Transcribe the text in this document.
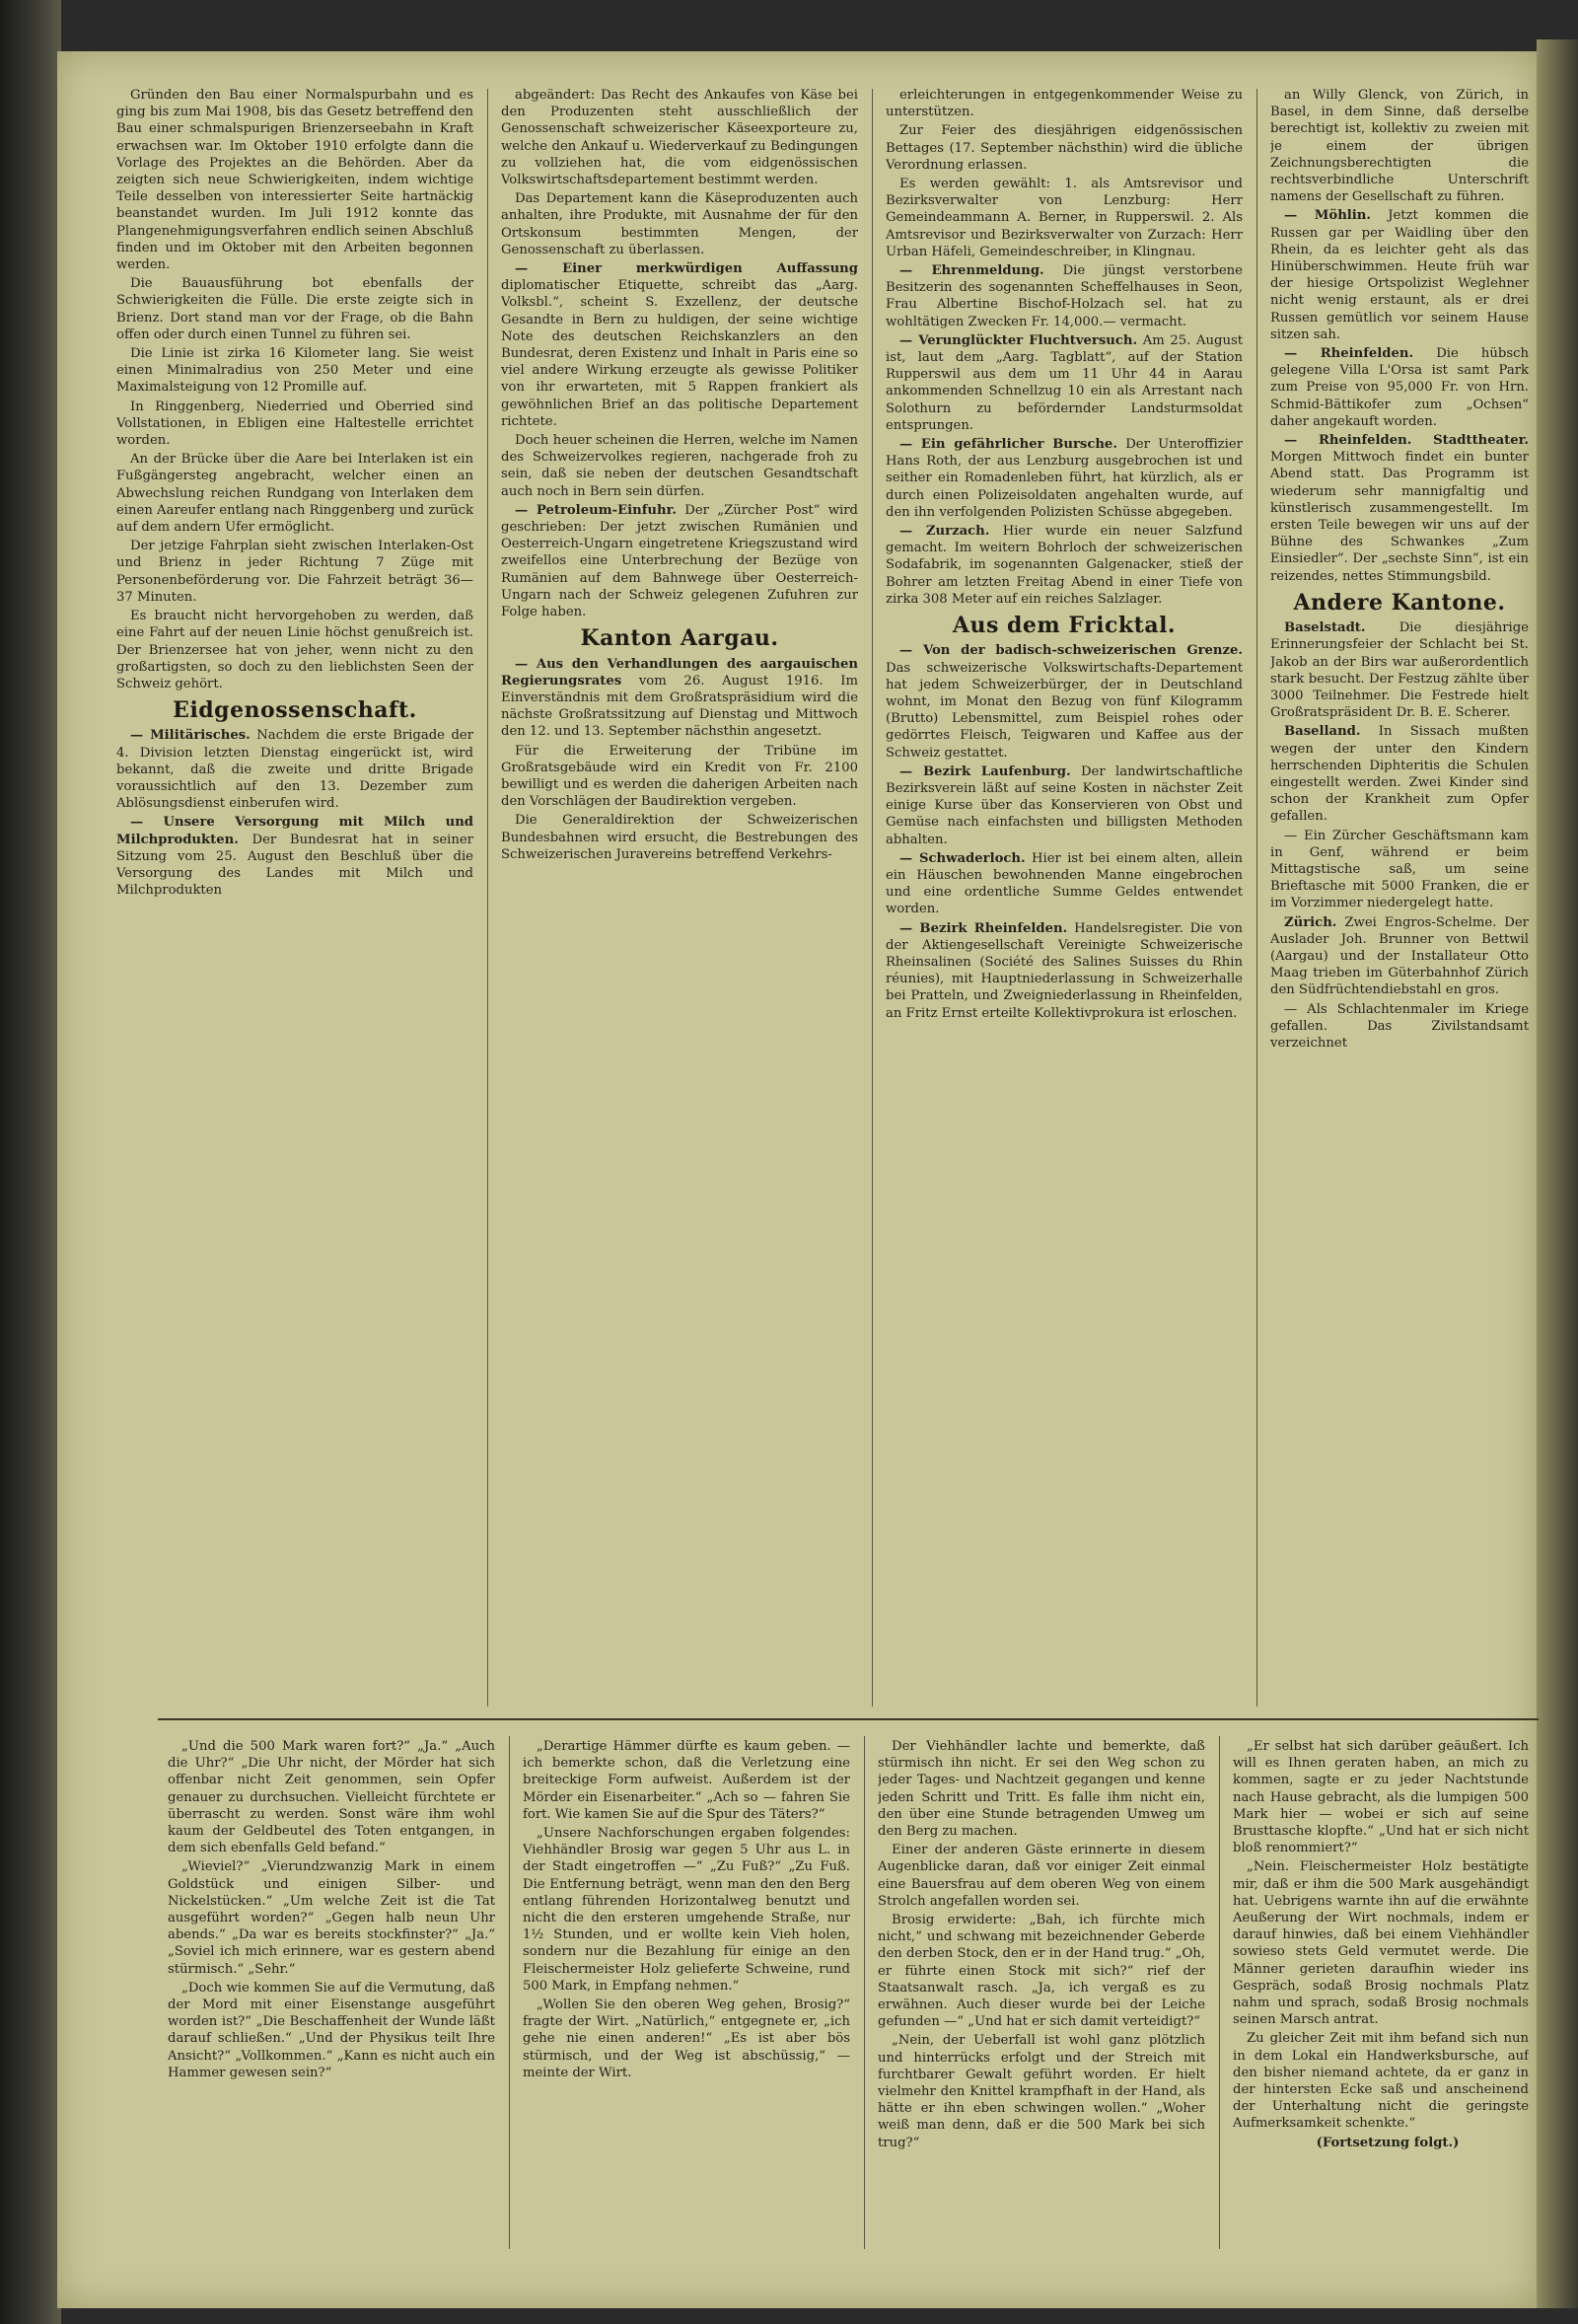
Gründen den Bau einer Normalspurbahn und es ging bis zum Mai 1908, bis das Gesetz betreffend den Bau einer schmalspurigen Brienzerseebahn in Kraft erwachsen war. Im Oktober 1910 erfolgte dann die Vorlage des Projektes an die Behörden. Aber da zeigten sich neue Schwierigkeiten, indem wichtige Teile desselben von interessierter Seite hartnäckig beanstandet wurden. Im Juli 1912 konnte das Plangenehmigungsverfahren endlich seinen Abschluß finden und im Oktober mit den Arbeiten begonnen werden.

Die Bauausführung bot ebenfalls der Schwierigkeiten die Fülle. Die erste zeigte sich in Brienz. Dort stand man vor der Frage, ob die Bahn offen oder durch einen Tunnel zu führen sei.

Die Linie ist zirka 16 Kilometer lang. Sie weist einen Minimalradius von 250 Meter und eine Maximalsteigung von 12 Promille auf.

In Ringgenberg, Niederried und Oberried sind Vollstationen, in Ebligen eine Haltestelle errichtet worden.

An der Brücke über die Aare bei Interlaken ist ein Fußgängersteg angebracht, welcher einen an Abwechslung reichen Rundgang von Interlaken dem einen Aareufer entlang nach Ringgenberg und zurück auf dem andern Ufer ermöglicht.

Der jetzige Fahrplan sieht zwischen Interlaken-Ost und Brienz in jeder Richtung 7 Züge mit Personenbeförderung vor. Die Fahrzeit beträgt 36—37 Minuten.

Es braucht nicht hervorgehoben zu werden, daß eine Fahrt auf der neuen Linie höchst genußreich ist. Der Brienzersee hat von jeher, wenn nicht zu den großartigsten, so doch zu den lieblichsten Seen der Schweiz gehört.

Eidgenossenschaft.

— Militärisches. Nachdem die erste Brigade der 4. Division letzten Dienstag eingerückt ist, wird bekannt, daß die zweite und dritte Brigade voraussichtlich auf den 13. Dezember zum Ablösungsdienst einberufen wird.

— Unsere Versorgung mit Milch und Milchprodukten. Der Bundesrat hat in seiner Sitzung vom 25. August den Beschluß über die Versorgung des Landes mit Milch und Milchprodukten

abgeändert: Das Recht des Ankaufes von Käse bei den Produzenten steht ausschließlich der Genossenschaft schweizerischer Käseexporteure zu, welche den Ankauf u. Wiederverkauf zu Bedingungen zu vollziehen hat, die vom eidgenössischen Volkswirtschaftsdepartement bestimmt werden.

Das Departement kann die Käseproduzenten auch anhalten, ihre Produkte, mit Ausnahme der für den Ortskonsum bestimmten Mengen, der Genossenschaft zu überlassen.

— Einer merkwürdigen Auffassung diplomatischer Etiquette, schreibt das „Aarg. Volksbl.“, scheint S. Exzellenz, der deutsche Gesandte in Bern zu huldigen, der seine wichtige Note des deutschen Reichskanzlers an den Bundesrat, deren Existenz und Inhalt in Paris eine so viel andere Wirkung erzeugte als gewisse Politiker von ihr erwarteten, mit 5 Rappen frankiert als gewöhnlichen Brief an das politische Departement richtete.

Doch heuer scheinen die Herren, welche im Namen des Schweizervolkes regieren, nachgerade froh zu sein, daß sie neben der deutschen Gesandtschaft auch noch in Bern sein dürfen.

— Petroleum-Einfuhr. Der „Zürcher Post“ wird geschrieben: Der jetzt zwischen Rumänien und Oesterreich-Ungarn eingetretene Kriegszustand wird zweifellos eine Unterbrechung der Bezüge von Rumänien auf dem Bahnwege über Oesterreich-Ungarn nach der Schweiz gelegenen Zufuhren zur Folge haben.

Kanton Aargau.

— Aus den Verhandlungen des aargauischen Regierungsrates vom 26. August 1916. Im Einverständnis mit dem Großratspräsidium wird die nächste Großratssitzung auf Dienstag und Mittwoch den 12. und 13. September nächsthin angesetzt.

Für die Erweiterung der Tribüne im Großratsgebäude wird ein Kredit von Fr. 2100 bewilligt und es werden die daherigen Arbeiten nach den Vorschlägen der Baudirektion vergeben.

Die Generaldirektion der Schweizerischen Bundesbahnen wird ersucht, die Bestrebungen des Schweizerischen Juravereins betreffend Verkehrs-

erleichterungen in entgegenkommender Weise zu unterstützen.

Zur Feier des diesjährigen eidgenössischen Bettages (17. September nächsthin) wird die übliche Verordnung erlassen.

Es werden gewählt: 1. als Amtsrevisor und Bezirksverwalter von Lenzburg: Herr Gemeindeammann A. Berner, in Rupperswil. 2. Als Amtsrevisor und Bezirksverwalter von Zurzach: Herr Urban Häfeli, Gemeindeschreiber, in Klingnau.

— Ehrenmeldung. Die jüngst verstorbene Besitzerin des sogenannten Scheffelhauses in Seon, Frau Albertine Bischof-Holzach sel. hat zu wohltätigen Zwecken Fr. 14,000.— vermacht.

— Verunglückter Fluchtversuch. Am 25. August ist, laut dem „Aarg. Tagblatt“, auf der Station Rupperswil aus dem um 11 Uhr 44 in Aarau ankommenden Schnellzug 10 ein als Arrestant nach Solothurn zu befördernder Landsturmsoldat entsprungen.

— Ein gefährlicher Bursche. Der Unteroffizier Hans Roth, der aus Lenzburg ausgebrochen ist und seither ein Romadenleben führt, hat kürzlich, als er durch einen Polizeisoldaten angehalten wurde, auf den ihn verfolgenden Polizisten Schüsse abgegeben.

— Zurzach. Hier wurde ein neuer Salzfund gemacht. Im weitern Bohrloch der schweizerischen Sodafabrik, im sogenannten Galgenacker, stieß der Bohrer am letzten Freitag Abend in einer Tiefe von zirka 308 Meter auf ein reiches Salzlager.

Aus dem Fricktal.

— Von der badisch-schweizerischen Grenze. Das schweizerische Volkswirtschafts-Departement hat jedem Schweizerbürger, der in Deutschland wohnt, im Monat den Bezug von fünf Kilogramm (Brutto) Lebensmittel, zum Beispiel rohes oder gedörrtes Fleisch, Teigwaren und Kaffee aus der Schweiz gestattet.

— Bezirk Laufenburg. Der landwirtschaftliche Bezirksverein läßt auf seine Kosten in nächster Zeit einige Kurse über das Konservieren von Obst und Gemüse nach einfachsten und billigsten Methoden abhalten.

— Schwaderloch. Hier ist bei einem alten, allein ein Häuschen bewohnenden Manne eingebrochen und eine ordentliche Summe Geldes entwendet worden.

— Bezirk Rheinfelden. Handelsregister. Die von der Aktiengesellschaft Vereinigte Schweizerische Rheinsalinen (Société des Salines Suisses du Rhin réunies), mit Hauptniederlassung in Schweizerhalle bei Pratteln, und Zweigniederlassung in Rheinfelden, an Fritz Ernst erteilte Kollektivprokura ist erloschen.

an Willy Glenck, von Zürich, in Basel, in dem Sinne, daß derselbe berechtigt ist, kollektiv zu zweien mit je einem der übrigen Zeichnungsberechtigten die rechtsverbindliche Unterschrift namens der Gesellschaft zu führen.

— Möhlin. Jetzt kommen die Russen gar per Waidling über den Rhein, da es leichter geht als das Hinüberschwimmen. Heute früh war der hiesige Ortspolizist Weglehner nicht wenig erstaunt, als er drei Russen gemütlich vor seinem Hause sitzen sah.

— Rheinfelden. Die hübsch gelegene Villa L'Orsa ist samt Park zum Preise von 95,000 Fr. von Hrn. Schmid-Bättikofer zum „Ochsen“ daher angekauft worden.

— Rheinfelden. Stadttheater. Morgen Mittwoch findet ein bunter Abend statt. Das Programm ist wiederum sehr mannigfaltig und künstlerisch zusammengestellt. Im ersten Teile bewegen wir uns auf der Bühne des Schwankes „Zum Einsiedler“. Der „sechste Sinn“, ist ein reizendes, nettes Stimmungsbild.

Andere Kantone.

Baselstadt.	Die diesjährige Erinnerungsfeier der Schlacht bei St. Jakob an der Birs war außerordentlich stark besucht. Der Festzug zählte über 3000 Teilnehmer. Die Festrede hielt Großratspräsident Dr. B. E. Scherer.

Baselland. In Sissach mußten wegen der unter den Kindern herrschenden Diphteritis die Schulen eingestellt werden. Zwei Kinder sind schon der Krankheit zum Opfer gefallen.

— Ein Zürcher Geschäftsmann kam in Genf, während er beim Mittagstische saß, um seine Brieftasche mit 5000 Franken, die er im Vorzimmer niedergelegt hatte.

Zürich. Zwei Engros-Schelme. Der Auslader Joh. Brunner von Bettwil (Aargau) und der Installateur Otto Maag trieben im Güterbahnhof Zürich den Südfrüchtendiebstahl en gros.

— Als Schlachtenmaler im Kriege gefallen. Das Zivilstandsamt verzeichnet

„Und die 500 Mark waren fort?“ „Ja.“ „Auch die Uhr?“ „Die Uhr nicht, der Mörder hat sich offenbar nicht Zeit genommen, sein Opfer genauer zu durchsuchen. Vielleicht fürchtete er überrascht zu werden. Sonst wäre ihm wohl kaum der Geldbeutel des Toten entgangen, in dem sich ebenfalls Geld befand.“

„Wieviel?“ „Vierundzwanzig Mark in einem Goldstück und einigen Silber- und Nickelstücken.“ „Um welche Zeit ist die Tat ausgeführt worden?“ „Gegen halb neun Uhr abends.“ „Da war es bereits stockfinster?“ „Ja.“ „Soviel ich mich erinnere, war es gestern abend stürmisch.“ „Sehr.“

„Doch wie kommen Sie auf die Vermutung, daß der Mord mit einer Eisenstange ausgeführt worden ist?“ „Die Beschaffenheit der Wunde läßt darauf schließen.“ „Und der Physikus teilt Ihre Ansicht?“ „Vollkommen.“ „Kann es nicht auch ein Hammer gewesen sein?“

„Derartige Hämmer dürfte es kaum geben. — ich bemerkte schon, daß die Verletzung eine breiteckige Form aufweist. Außerdem ist der Mörder ein Eisenarbeiter.“ „Ach so — fahren Sie fort. Wie kamen Sie auf die Spur des Täters?“

„Unsere Nachforschungen ergaben folgendes: Viehhändler Brosig war gegen 5 Uhr aus L. in der Stadt eingetroffen —“ „Zu Fuß?“ „Zu Fuß. Die Entfernung beträgt, wenn man den den Berg entlang führenden Horizontalweg benutzt und nicht die den ersteren umgehende Straße, nur 1½ Stunden, und er wollte kein Vieh holen, sondern nur die Bezahlung für einige an den Fleischermeister Holz gelieferte Schweine, rund 500 Mark, in Empfang nehmen.“

„Wollen Sie den oberen Weg gehen, Brosig?“ fragte der Wirt. „Natürlich,“ entgegnete er, „ich gehe nie einen anderen!“ „Es ist aber bös stürmisch, und der Weg ist abschüssig,“ — meinte der Wirt.

Der Viehhändler lachte und bemerkte, daß stürmisch ihn nicht. Er sei den Weg schon zu jeder Tages- und Nachtzeit gegangen und kenne jeden Schritt und Tritt. Es falle ihm nicht ein, den über eine Stunde betragenden Umweg um den Berg zu machen.

Einer der anderen Gäste erinnerte in diesem Augenblicke daran, daß vor einiger Zeit einmal eine Bauersfrau auf dem oberen Weg von einem Strolch angefallen worden sei.

Brosig erwiderte: „Bah, ich fürchte mich nicht,“ und schwang mit bezeichnender Geberde den derben Stock, den er in der Hand trug.“ „Oh, er führte einen Stock mit sich?“ rief der Staatsanwalt rasch. „Ja, ich vergaß es zu erwähnen. Auch dieser wurde bei der Leiche gefunden —“ „Und hat er sich damit verteidigt?“

„Nein, der Ueberfall ist wohl ganz plötzlich und hinterrücks erfolgt und der Streich mit furchtbarer Gewalt geführt worden. Er hielt vielmehr den Knittel krampfhaft in der Hand, als hätte er ihn eben schwingen wollen.“ „Woher weiß man denn, daß er die 500 Mark bei sich trug?“

„Er selbst hat sich darüber geäußert. Ich will es Ihnen geraten haben, an mich zu kommen, sagte er zu jeder Nachtstunde nach Hause gebracht, als die lumpigen 500 Mark hier — wobei er sich auf seine Brusttasche klopfte.“ „Und hat er sich nicht bloß renommiert?“

„Nein. Fleischermeister Holz bestätigte mir, daß er ihm die 500 Mark ausgehändigt hat. Uebrigens warnte ihn auf die erwähnte Aeußerung der Wirt nochmals, indem er darauf hinwies, daß bei einem Viehhändler sowieso stets Geld vermutet werde. Die Männer gerieten daraufhin wieder ins Gespräch, sodaß Brosig nochmals Platz nahm und sprach, sodaß Brosig nochmals seinen Marsch antrat.

Zu gleicher Zeit mit ihm befand sich nun in dem Lokal ein Handwerksbursche, auf den bisher niemand achtete, da er ganz in der hintersten Ecke saß und anscheinend der Unterhaltung nicht die geringste Aufmerksamkeit schenkte.“

(Fortsetzung folgt.)
